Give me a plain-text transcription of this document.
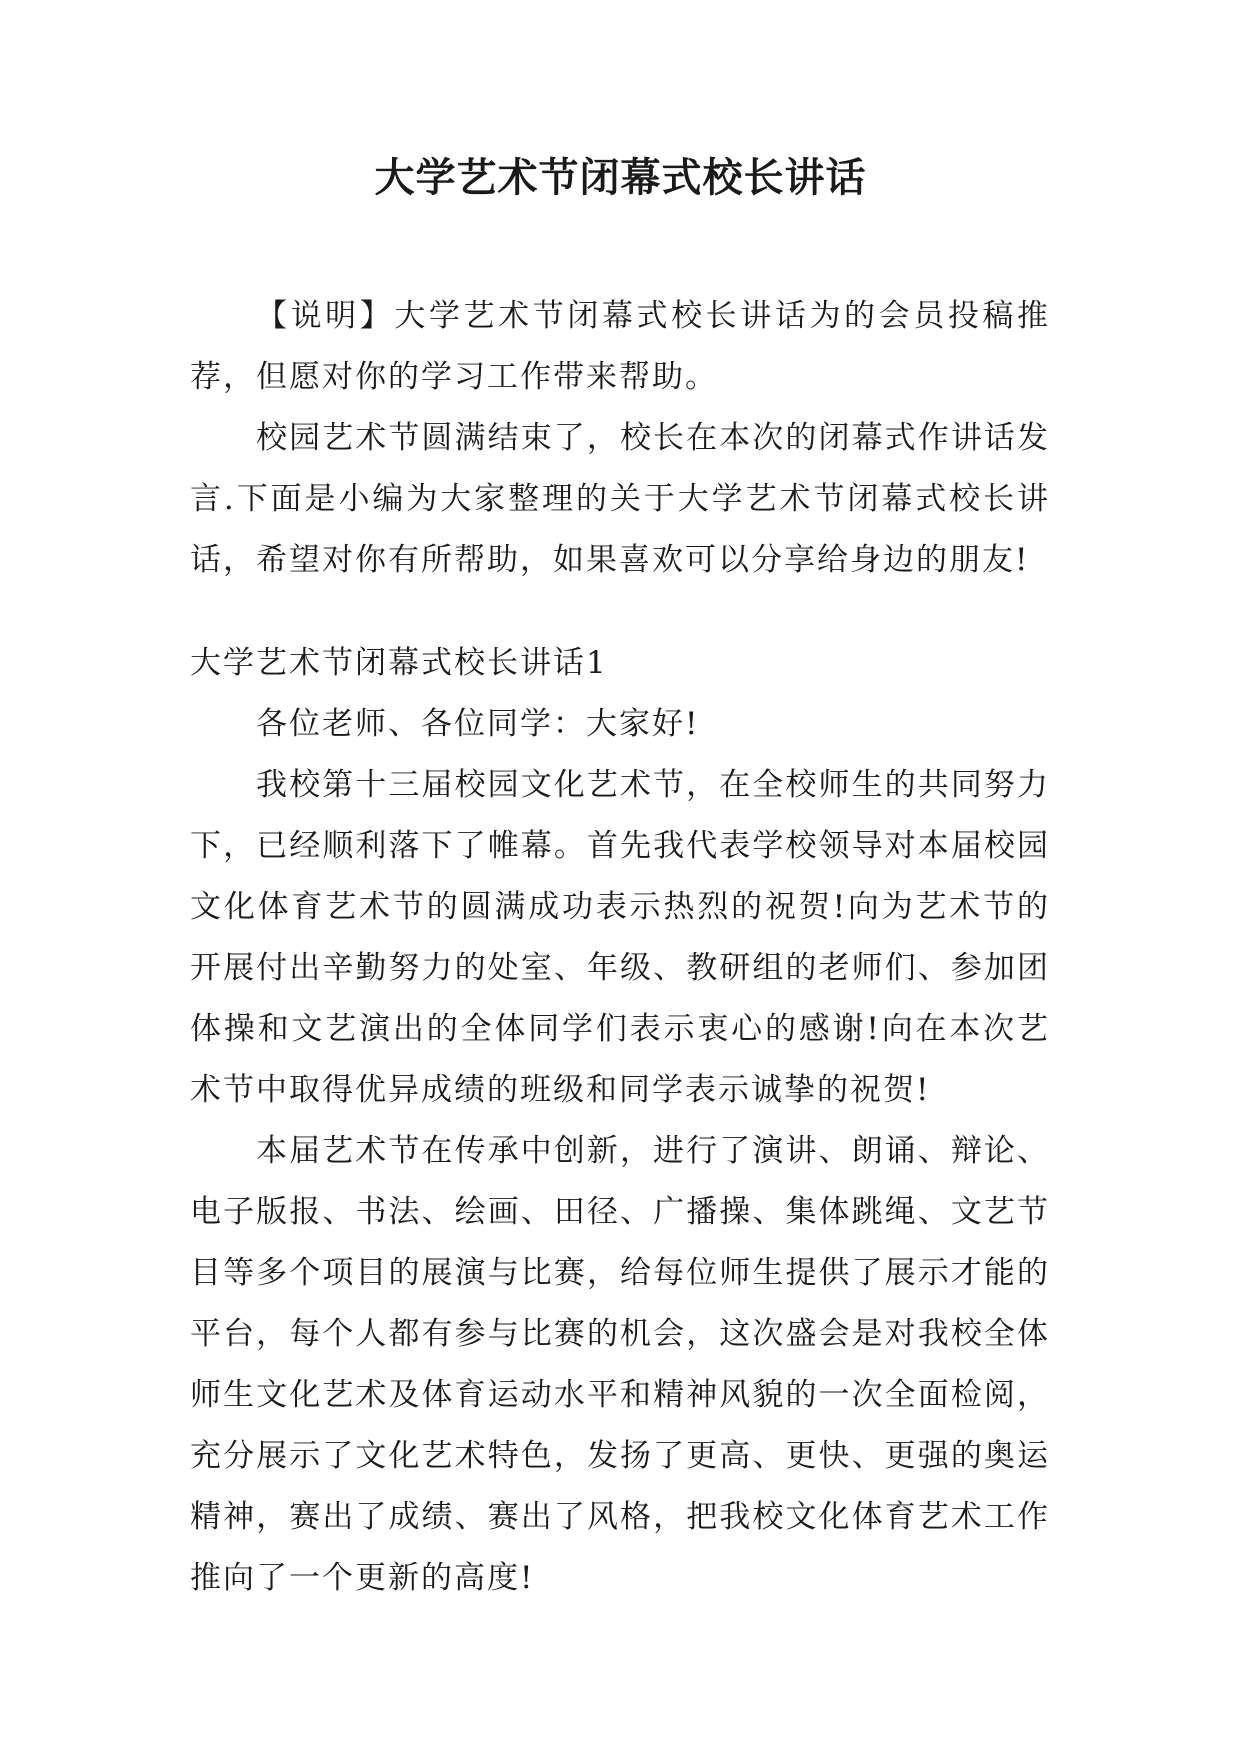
大学艺术节闭幕式校长讲话

【说明】大学艺术节闭幕式校长讲话为的会员投稿推荐，但愿对你的学习工作带来帮助。

校园艺术节圆满结束了，校长在本次的闭幕式作讲话发言.下面是小编为大家整理的关于大学艺术节闭幕式校长讲话，希望对你有所帮助，如果喜欢可以分享给身边的朋友!

大学艺术节闭幕式校长讲话1

各位老师、各位同学：大家好!

我校第十三届校园文化艺术节，在全校师生的共同努力下，已经顺利落下了帷幕。首先我代表学校领导对本届校园文化体育艺术节的圆满成功表示热烈的祝贺!向为艺术节的开展付出辛勤努力的处室、年级、教研组的老师们、参加团体操和文艺演出的全体同学们表示衷心的感谢!向在本次艺术节中取得优异成绩的班级和同学表示诚挚的祝贺!

本届艺术节在传承中创新，进行了演讲、朗诵、辩论、电子版报、书法、绘画、田径、广播操、集体跳绳、文艺节目等多个项目的展演与比赛，给每位师生提供了展示才能的平台，每个人都有参与比赛的机会，这次盛会是对我校全体师生文化艺术及体育运动水平和精神风貌的一次全面检阅，充分展示了文化艺术特色，发扬了更高、更快、更强的奥运精神，赛出了成绩、赛出了风格，把我校文化体育艺术工作推向了一个更新的高度!
